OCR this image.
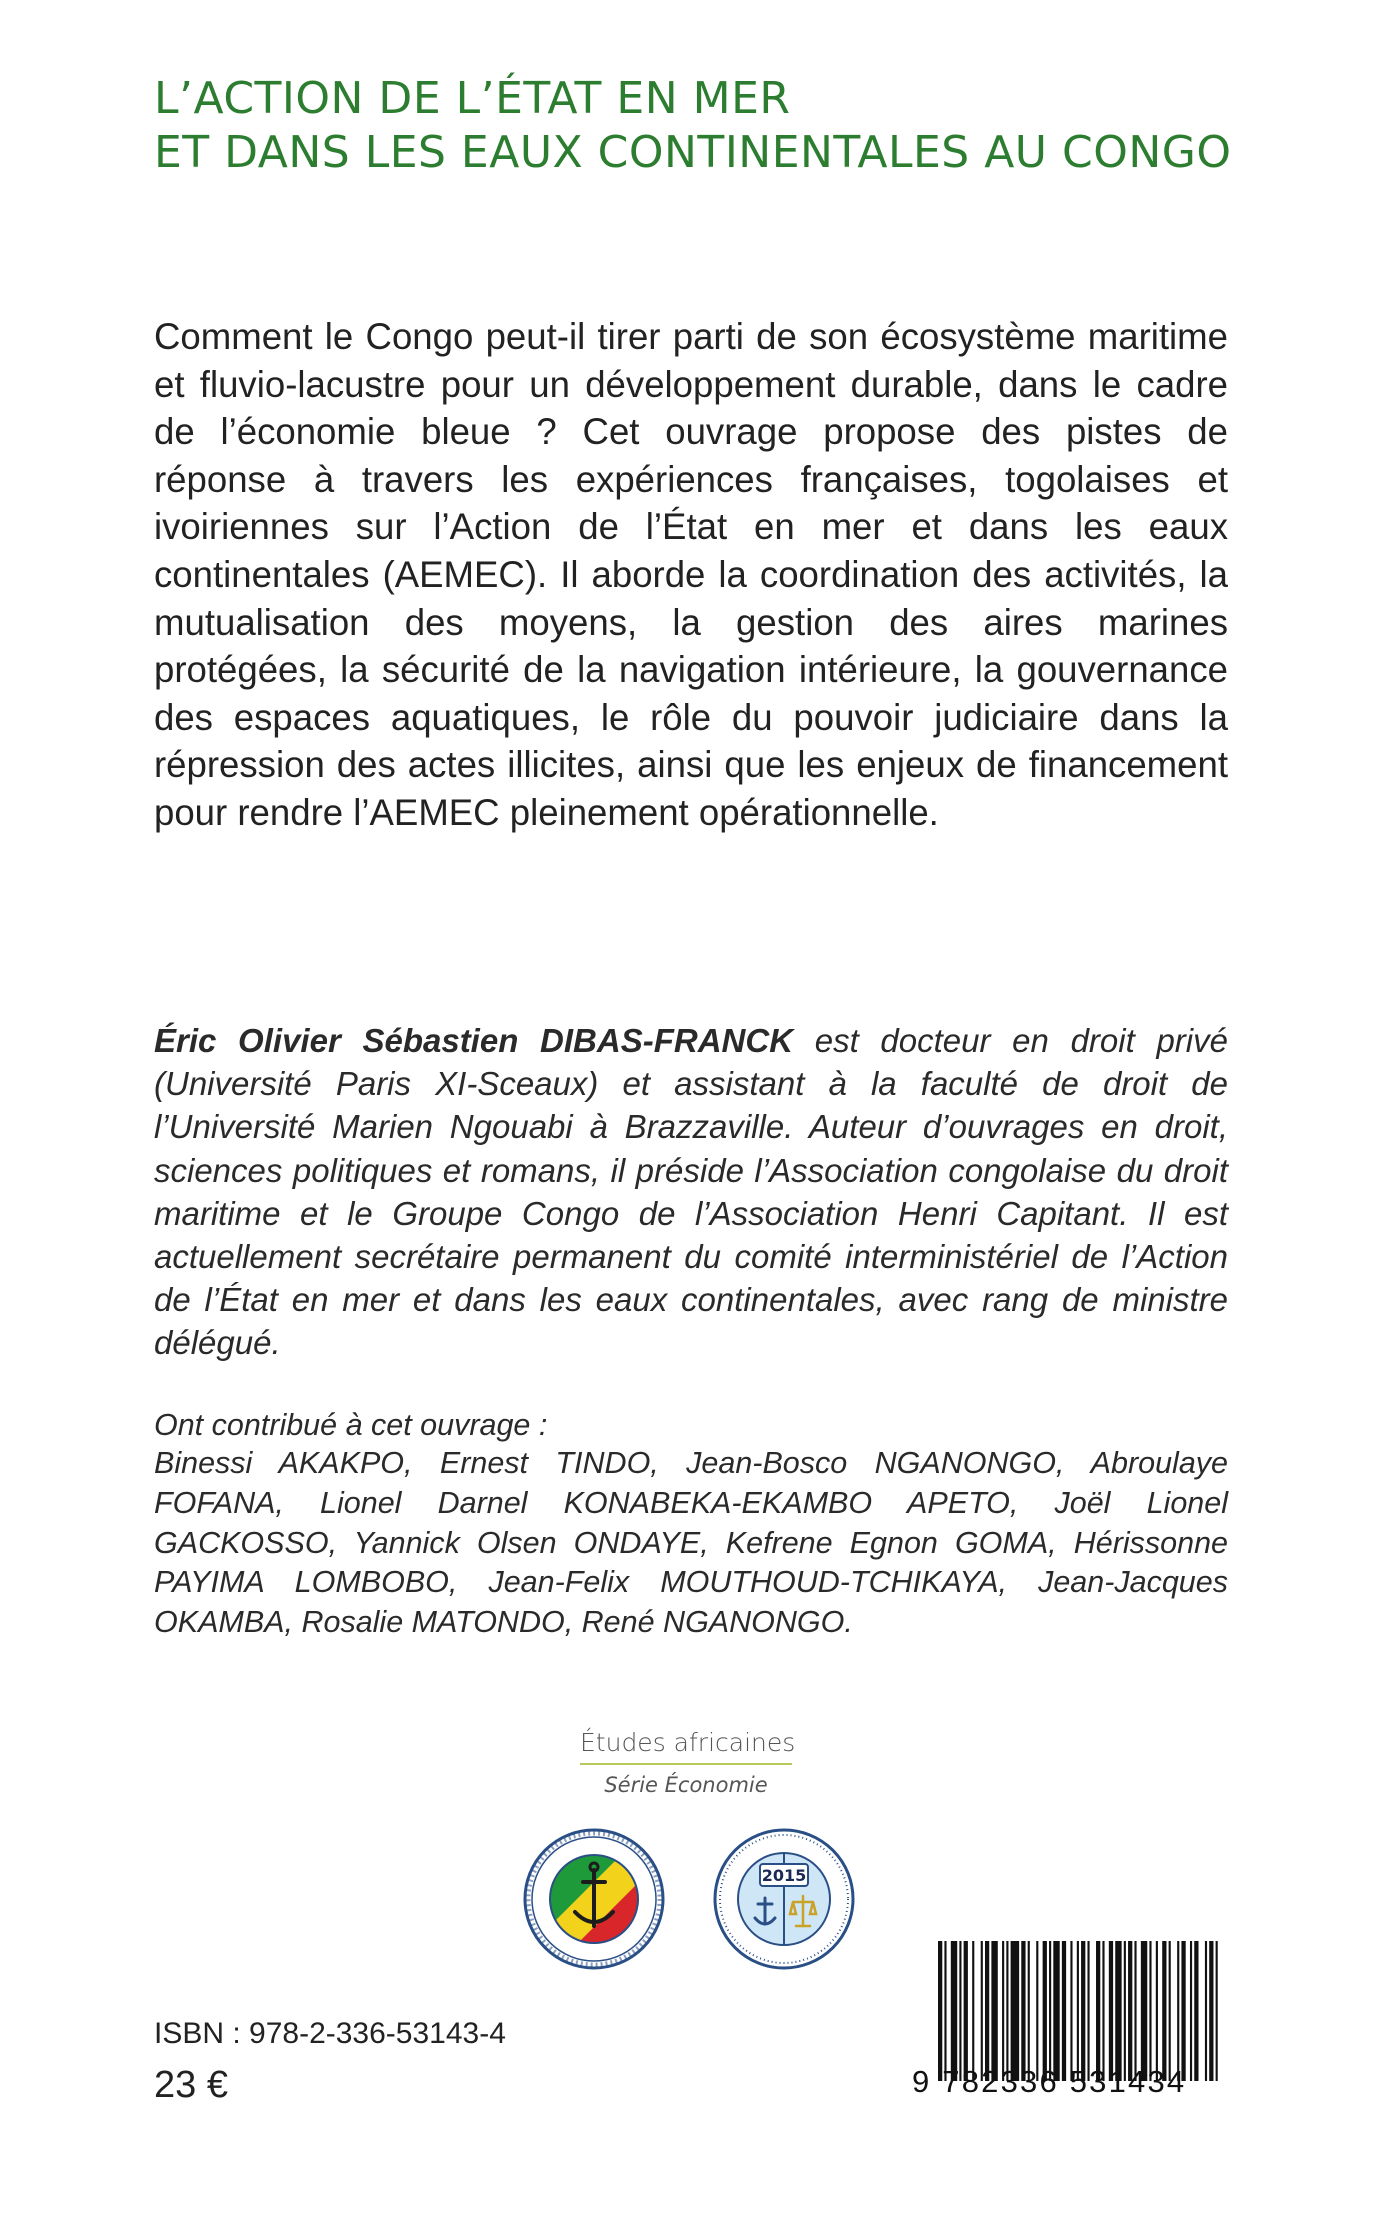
L’ACTION DE L’ÉTAT EN MER
ET DANS LES EAUX CONTINENTALES AU CONGO

Comment le Congo peut-il tirer parti de son écosystème maritime et fluvio-lacustre pour un développement durable, dans le cadre de l’économie bleue ? Cet ouvrage propose des pistes de réponse à travers les expériences françaises, togolaises et ivoiriennes sur l’Action de l’État en mer et dans les eaux continentales (AEMEC). Il aborde la coordination des activités, la mutualisation des moyens, la gestion des aires marines protégées, la sécurité de la navigation intérieure, la gouvernance des espaces aquatiques, le rôle du pouvoir judiciaire dans la répression des actes illicites, ainsi que les enjeux de financement pour rendre l’AEMEC pleinement opérationnelle.

Éric Olivier Sébastien DIBAS-FRANCK est docteur en droit privé (Université Paris XI-Sceaux) et assistant à la faculté de droit de l’Université Marien Ngouabi à Brazzaville. Auteur d’ouvrages en droit, sciences politiques et romans, il préside l’Association congolaise du droit maritime et le Groupe Congo de l’Association Henri Capitant. Il est actuellement secrétaire permanent du comité interministériel de l’Action de l’État en mer et dans les eaux continentales, avec rang de ministre délégué.

Ont contribué à cet ouvrage :

Binessi AKAKPO, Ernest TINDO, Jean-Bosco NGANONGO, Abroulaye FOFANA, Lionel Darnel KONABEKA-EKAMBO APETO, Joël Lionel GACKOSSO, Yannick Olsen ONDAYE, Kefrene Egnon GOMA, Hérissonne PAYIMA LOMBOBO, Jean-Felix MOUTHOUD-TCHIKAYA, Jean-Jacques OKAMBA, Rosalie MATONDO, René NGANONGO.

Études africaines
Série Économie
2015
ISBN : 978-2-336-53143-4
23 €	9 782336 531434
